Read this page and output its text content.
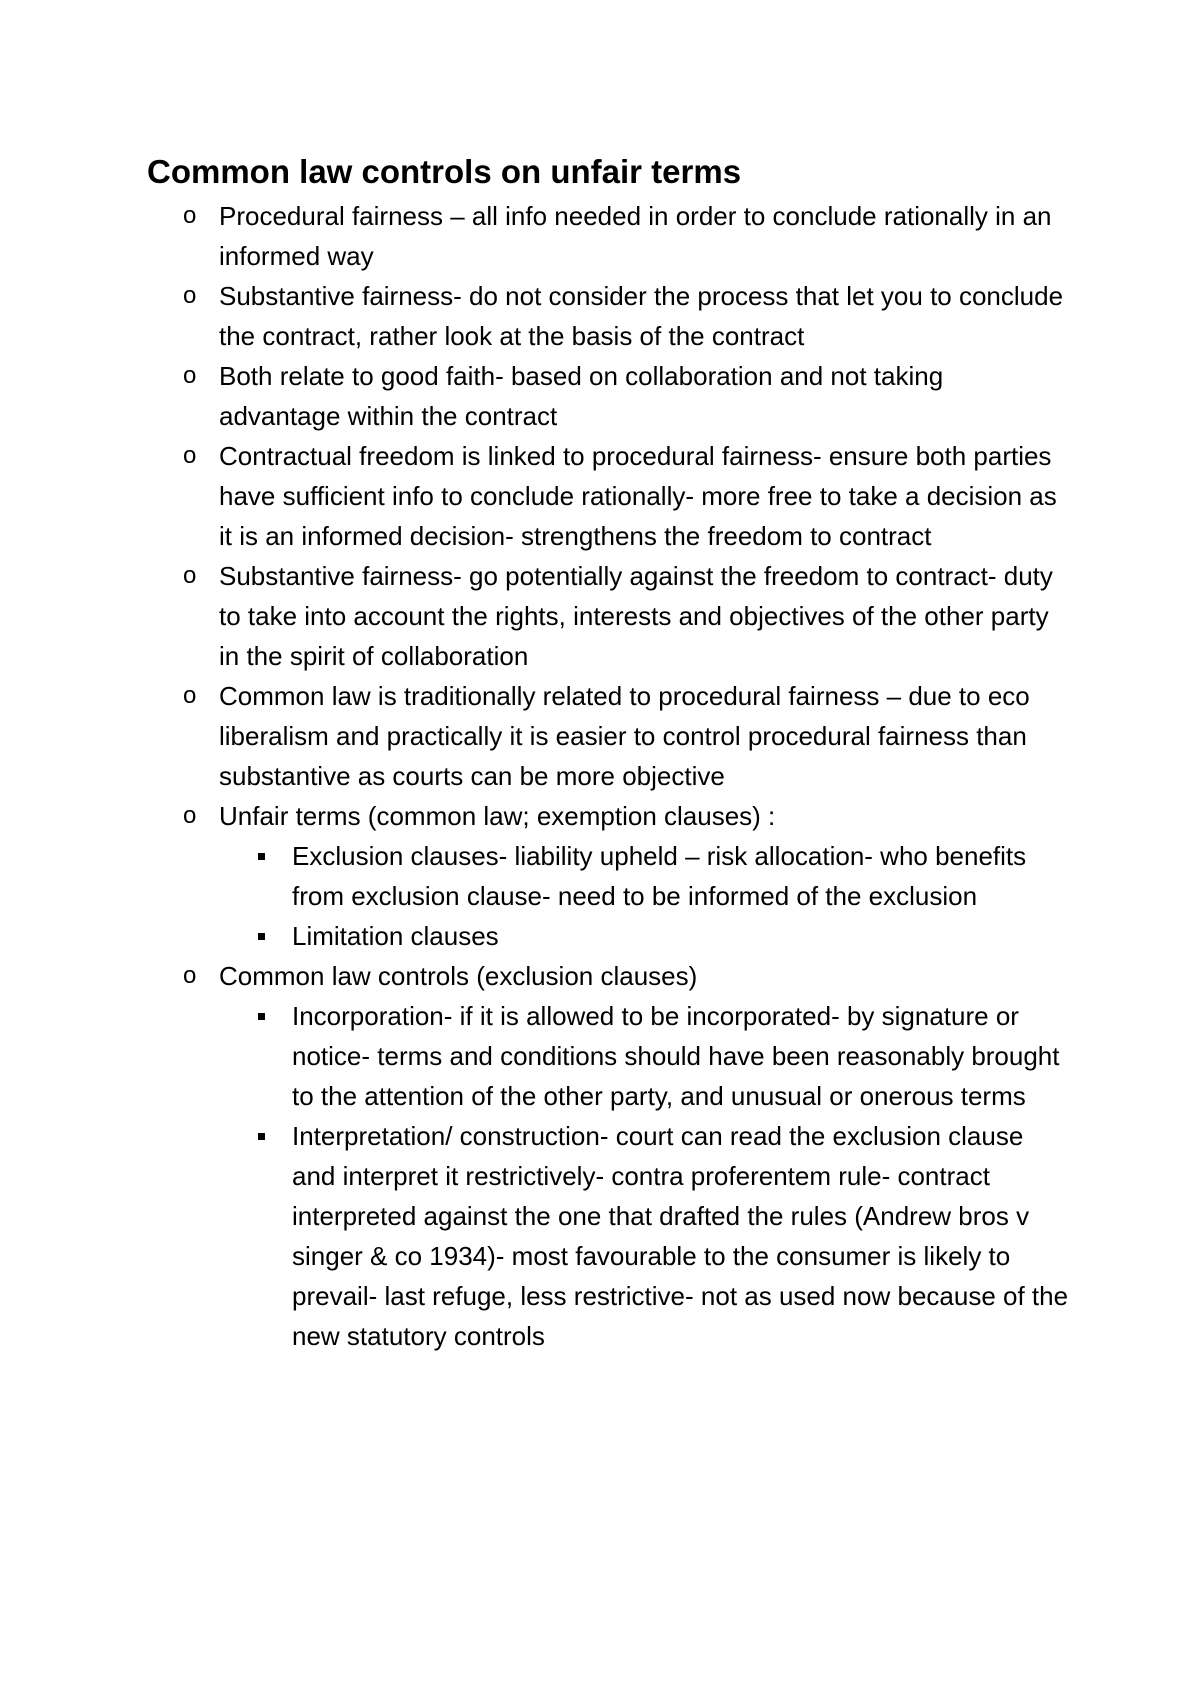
Common law controls on unfair terms
o Procedural fairness – all info needed in order to conclude rationally in an informed way
o Substantive fairness- do not consider the process that let you to conclude the contract, rather look at the basis of the contract
o Both relate to good faith- based on collaboration and not taking advantage within the contract
o Contractual freedom is linked to procedural fairness- ensure both parties have sufficient info to conclude rationally- more free to take a decision as it is an informed decision- strengthens the freedom to contract
o Substantive fairness- go potentially against the freedom to contract- duty to take into account the rights, interests and objectives of the other party in the spirit of collaboration
o Common law is traditionally related to procedural fairness – due to eco liberalism and practically it is easier to control procedural fairness than substantive as courts can be more objective
o Unfair terms (common law; exemption clauses) :
Exclusion clauses- liability upheld – risk allocation- who benefits from exclusion clause- need to be informed of the exclusion
Limitation clauses
o Common law controls (exclusion clauses)
Incorporation- if it is allowed to be incorporated- by signature or notice- terms and conditions should have been reasonably brought to the attention of the other party, and unusual or onerous terms
Interpretation/ construction- court can read the exclusion clause and interpret it restrictively- contra proferentem rule- contract interpreted against the one that drafted the rules (Andrew bros v singer & co 1934)- most favourable to the consumer is likely to prevail- last refuge, less restrictive- not as used now because of the new statutory controls
